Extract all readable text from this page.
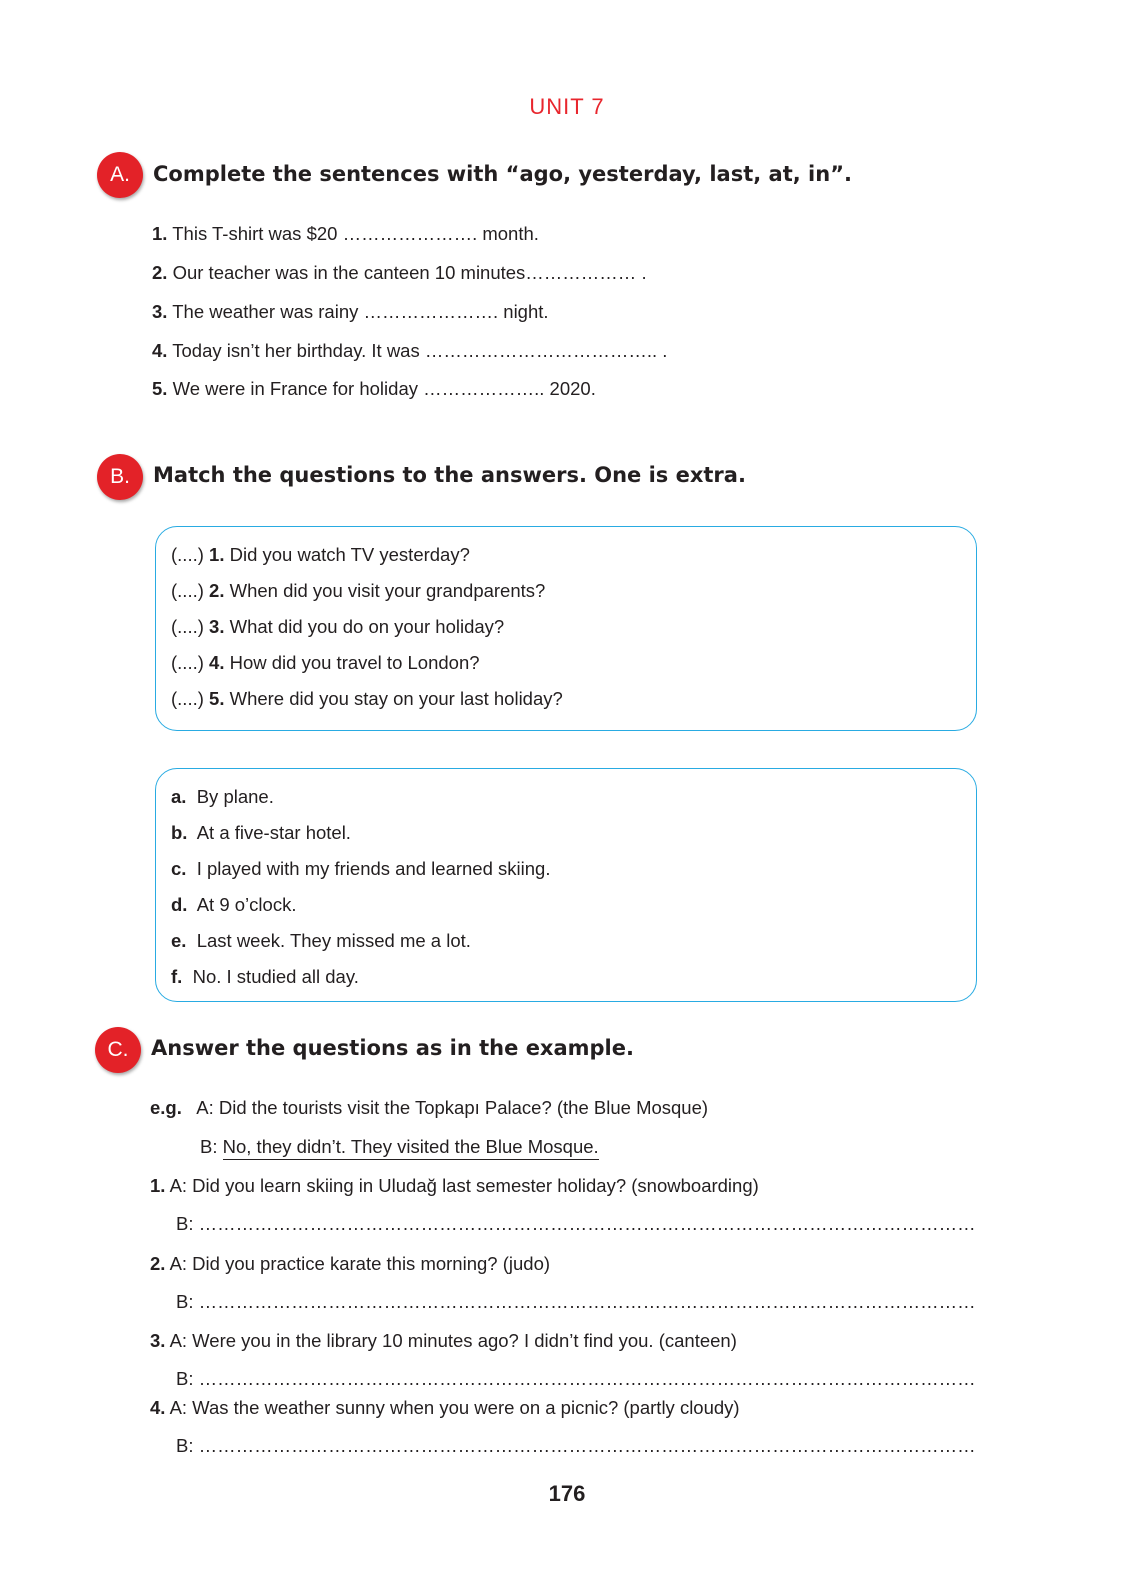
UNIT 7
A.	Complete the sentences with “ago, yesterday, last, at, in”.
1. This T-shirt was $20 …………………. month.
2. Our teacher was in the canteen 10 minutes……………… .
3. The weather was rainy …………………. night.
4. Today isn’t her birthday. It was ……………………………….. .
5. We were in France for holiday ……………….. 2020.
B.	Match the questions to the answers. One is extra.
(....) 1. Did you watch TV yesterday?
(....) 2. When did you visit your grandparents?
(....) 3. What did you do on your holiday?
(....) 4. How did you travel to London?
(....) 5. Where did you stay on your last holiday?
a. By plane.
b. At a five-star hotel.
c. I played with my friends and learned skiing.
d. At 9 o’clock.
e. Last week. They missed me a lot.
f. No. I studied all day.
C.	Answer the questions as in the example.
e.g. A: Did the tourists visit the Topkapı Palace? (the Blue Mosque)
B: No, they didn’t. They visited the Blue Mosque.
1. A: Did you learn skiing in Uludağ last semester holiday? (snowboarding)
B: ………………………………………………………………………………………………………………
2. A: Did you practice karate this morning? (judo)
B: ………………………………………………………………………………………………………………
3. A: Were you in the library 10 minutes ago? I didn’t find you. (canteen)
B: ………………………………………………………………………………………………………………
4. A: Was the weather sunny when you were on a picnic? (partly cloudy)
B: ………………………………………………………………………………………………………………
176
